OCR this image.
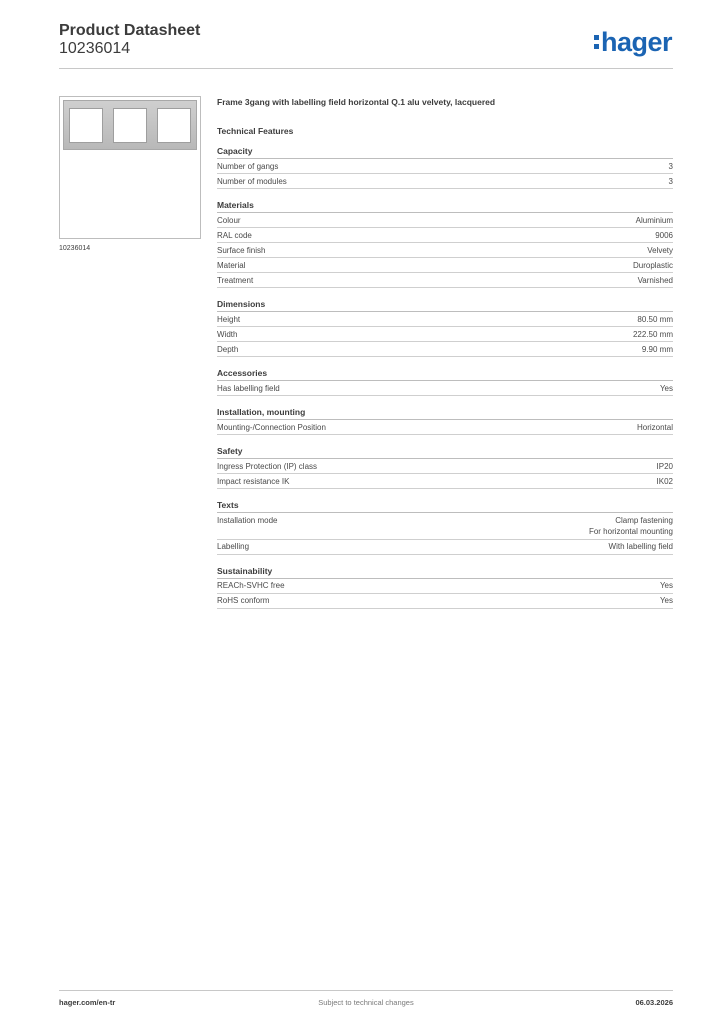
Product Datasheet
10236014	hager
10236014
Frame 3gang with labelling field horizontal Q.1 alu velvety, lacquered
Technical Features
Capacity
Number of gangs	3
Number of modules	3
Materials
Colour	Aluminium
RAL code	9006
Surface finish	Velvety
Material	Duroplastic
Treatment	Varnished
Dimensions
Height	80.50 mm
Width	222.50 mm
Depth	9.90 mm
Accessories
Has labelling field	Yes
Installation, mounting
Mounting-/Connection Position	Horizontal
Safety
Ingress Protection (IP) class	IP20
Impact resistance IK	IK02
Texts
Installation mode	Clamp fastening
For horizontal mounting
Labelling	With labelling field
Sustainability
REACh-SVHC free	Yes
RoHS conform	Yes
hager.com/en-tr	Subject to technical changes	06.03.2026
